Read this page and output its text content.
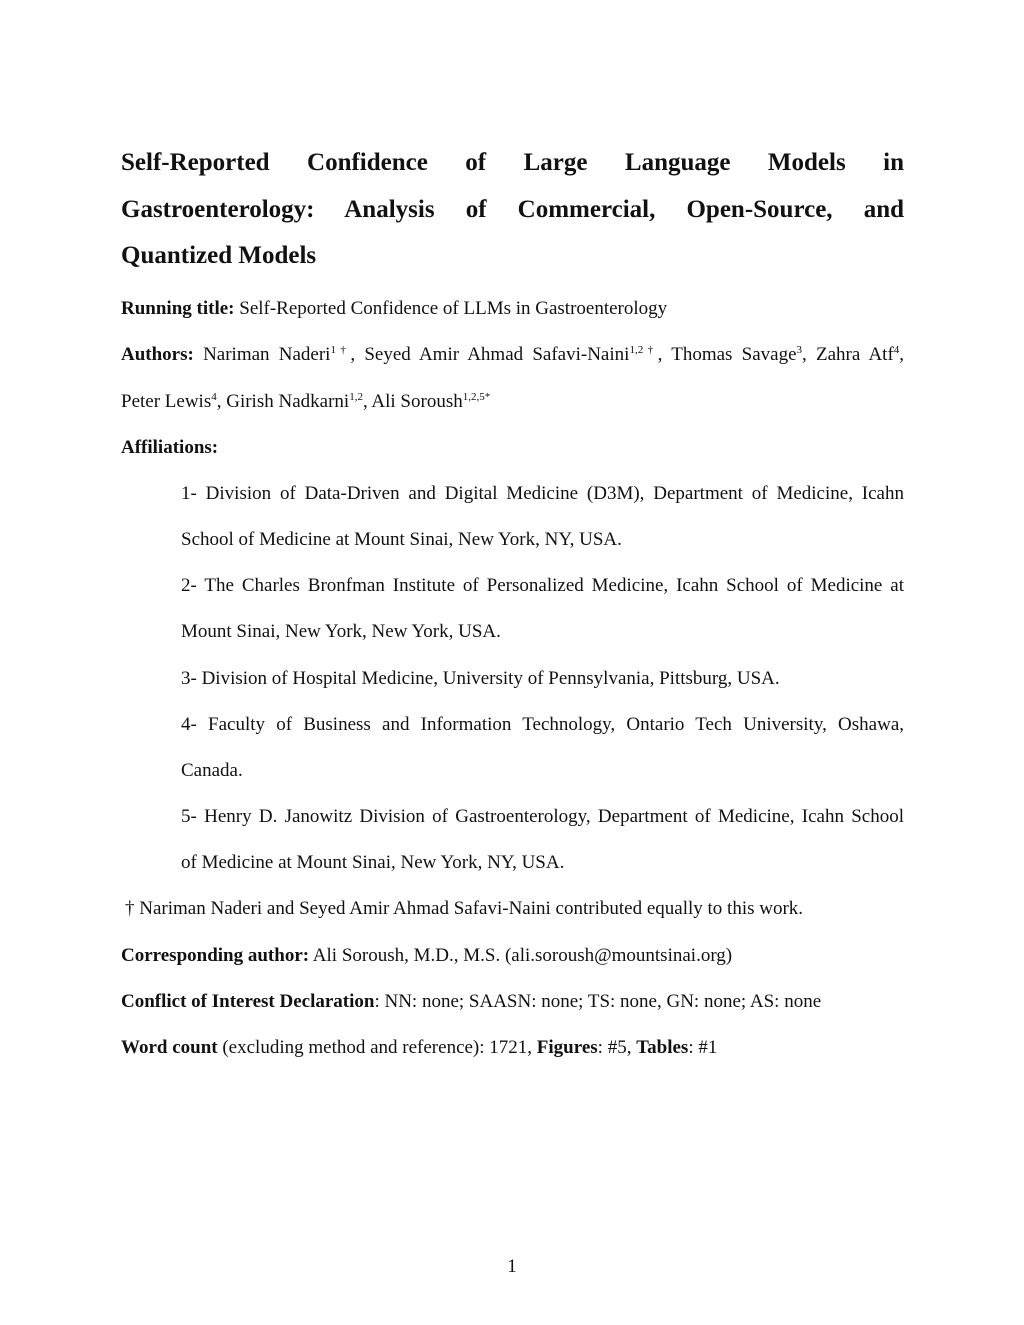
Self-Reported Confidence of Large Language Models in
Gastroenterology: Analysis of Commercial, Open-Source, and
Quantized Models
Running title: Self-Reported Confidence of LLMs in Gastroenterology
Authors: Nariman Naderi$^{1\dagger}$, Seyed Amir Ahmad Safavi-Naini$^{1,2\dagger}$, Thomas Savage$^3$, Zahra Atf$^4$,
Peter Lewis$^4$, Girish Nadkarni$^{1,2}$, Ali Soroush$^{1,2,5*}$
Affiliations:
1- Division of Data-Driven and Digital Medicine (D3M), Department of Medicine, Icahn
School of Medicine at Mount Sinai, New York, NY, USA.
2- The Charles Bronfman Institute of Personalized Medicine, Icahn School of Medicine at
Mount Sinai, New York, New York, USA.
3- Division of Hospital Medicine, University of Pennsylvania, Pittsburg, USA.
4- Faculty of Business and Information Technology, Ontario Tech University, Oshawa,
Canada.
5- Henry D. Janowitz Division of Gastroenterology, Department of Medicine, Icahn School
of Medicine at Mount Sinai, New York, NY, USA.
† Nariman Naderi and Seyed Amir Ahmad Safavi-Naini contributed equally to this work.
Corresponding author: Ali Soroush, M.D., M.S. (ali.soroush@mountsinai.org)
Conflict of Interest Declaration: NN: none; SAASN: none; TS: none, GN: none; AS: none
Word count (excluding method and reference): 1721, Figures: #5, Tables: #1
1
